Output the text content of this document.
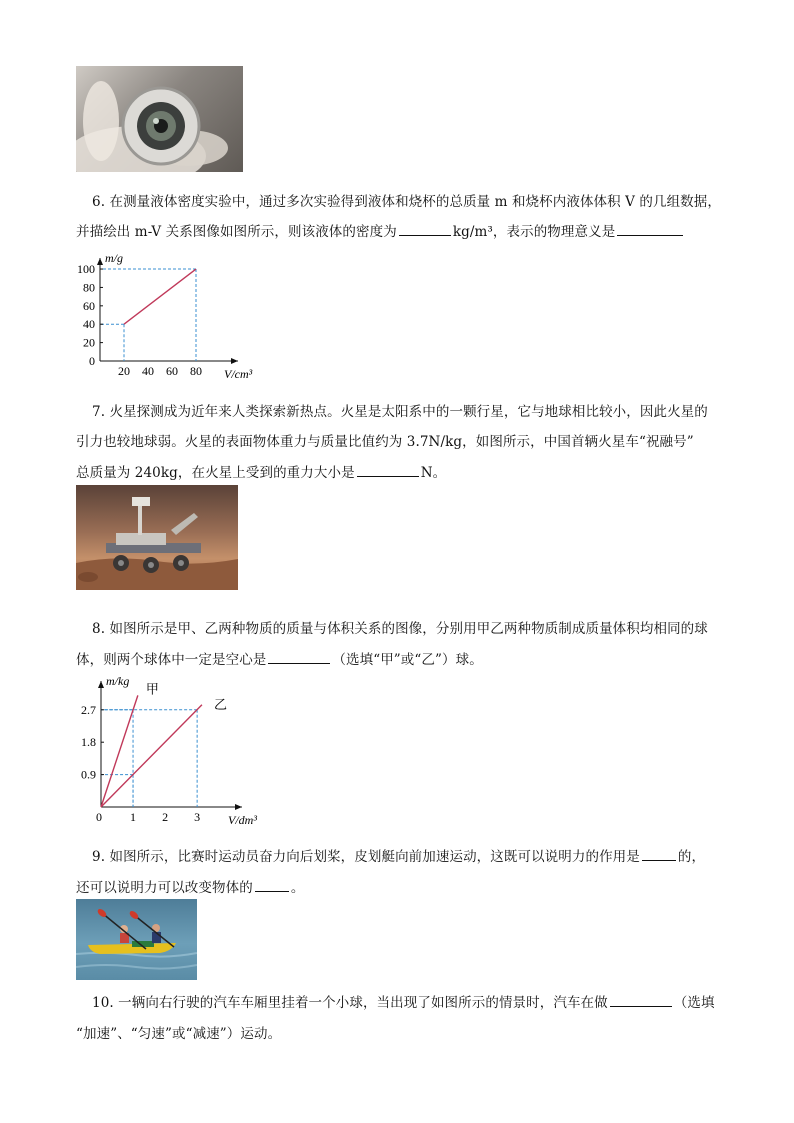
6. 在测量液体密度实验中，通过多次实验得到液体和烧杯的总质量 m 和烧杯内液体体积 V 的几组数据，
并描绘出 m-V 关系图像如图所示，则该液体的密度为	kg/m³，表示的物理意义是
20 40 60 80
0
20
40
60
80
100
m/g
V/cm³
7. 火星探测成为近年来人类探索新热点。火星是太阳系中的一颗行星，它与地球相比较小，因此火星的
引力也较地球弱。火星的表面物体重力与质量比值约为 3.7N/kg，如图所示，中国首辆火星车“祝融号”
总质量为 240kg，在火星上受到的重力大小是	N。
8. 如图所示是甲、乙两种物质的质量与体积关系的图像，分别用甲乙两种物质制成质量体积均相同的球
体，则两个球体中一定是空心是	（选填“甲”或“乙”）球。
甲
乙
1 2 3
0.9
1.8
2.7
0
m/kg
V/dm³
9. 如图所示，比赛时运动员奋力向后划桨，皮划艇向前加速运动，这既可以说明力的作用是	的，
还可以说明力可以改变物体的	。
10. 一辆向右行驶的汽车车厢里挂着一个小球，当出现了如图所示的情景时，汽车在做	（选填
“加速”、“匀速”或“减速”）运动。
